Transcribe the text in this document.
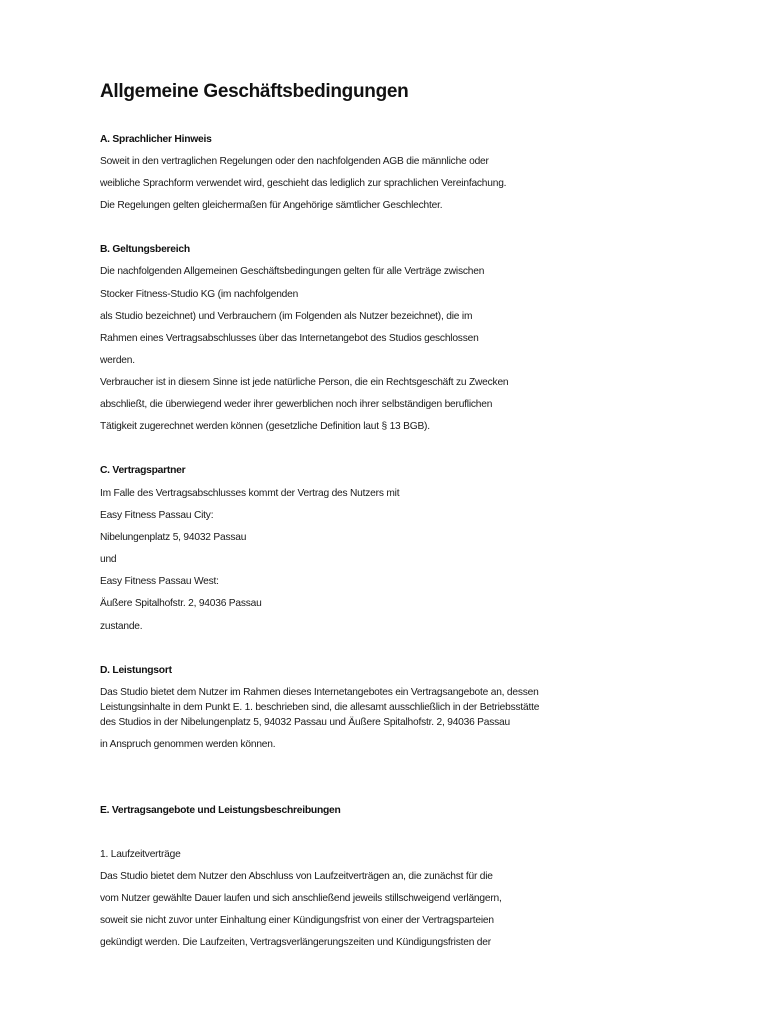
Allgemeine Geschäftsbedingungen

A. Sprachlicher Hinweis

Soweit in den vertraglichen Regelungen oder den nachfolgenden AGB die männliche oder

weibliche Sprachform verwendet wird, geschieht das lediglich zur sprachlichen Vereinfachung.

Die Regelungen gelten gleichermaßen für Angehörige sämtlicher Geschlechter.

B. Geltungsbereich

Die nachfolgenden Allgemeinen Geschäftsbedingungen gelten für alle Verträge zwischen

Stocker Fitness-Studio KG (im nachfolgenden

als Studio bezeichnet) und Verbrauchern (im Folgenden als Nutzer bezeichnet), die im

Rahmen eines Vertragsabschlusses über das Internetangebot des Studios geschlossen

werden.

Verbraucher ist in diesem Sinne ist jede natürliche Person, die ein Rechtsgeschäft zu Zwecken

abschließt, die überwiegend weder ihrer gewerblichen noch ihrer selbständigen beruflichen

Tätigkeit zugerechnet werden können (gesetzliche Definition laut § 13 BGB).

C. Vertragspartner

Im Falle des Vertragsabschlusses kommt der Vertrag des Nutzers mit

Easy Fitness Passau City:

Nibelungenplatz 5, 94032 Passau

und

Easy Fitness Passau West:

Äußere Spitalhofstr. 2, 94036 Passau

zustande.

D. Leistungsort

Das Studio bietet dem Nutzer im Rahmen dieses Internetangebotes ein Vertragsangebote an, dessen

Leistungsinhalte in dem Punkt E. 1. beschrieben sind, die allesamt ausschließlich in der Betriebsstätte

des Studios in der Nibelungenplatz 5, 94032 Passau und Äußere Spitalhofstr. 2, 94036 Passau

in Anspruch genommen werden können.

E. Vertragsangebote und Leistungsbeschreibungen

1. Laufzeitverträge

Das Studio bietet dem Nutzer den Abschluss von Laufzeitverträgen an, die zunächst für die

vom Nutzer gewählte Dauer laufen und sich anschließend jeweils stillschweigend verlängern,

soweit sie nicht zuvor unter Einhaltung einer Kündigungsfrist von einer der Vertragsparteien

gekündigt werden. Die Laufzeiten, Vertragsverlängerungszeiten und Kündigungsfristen der
